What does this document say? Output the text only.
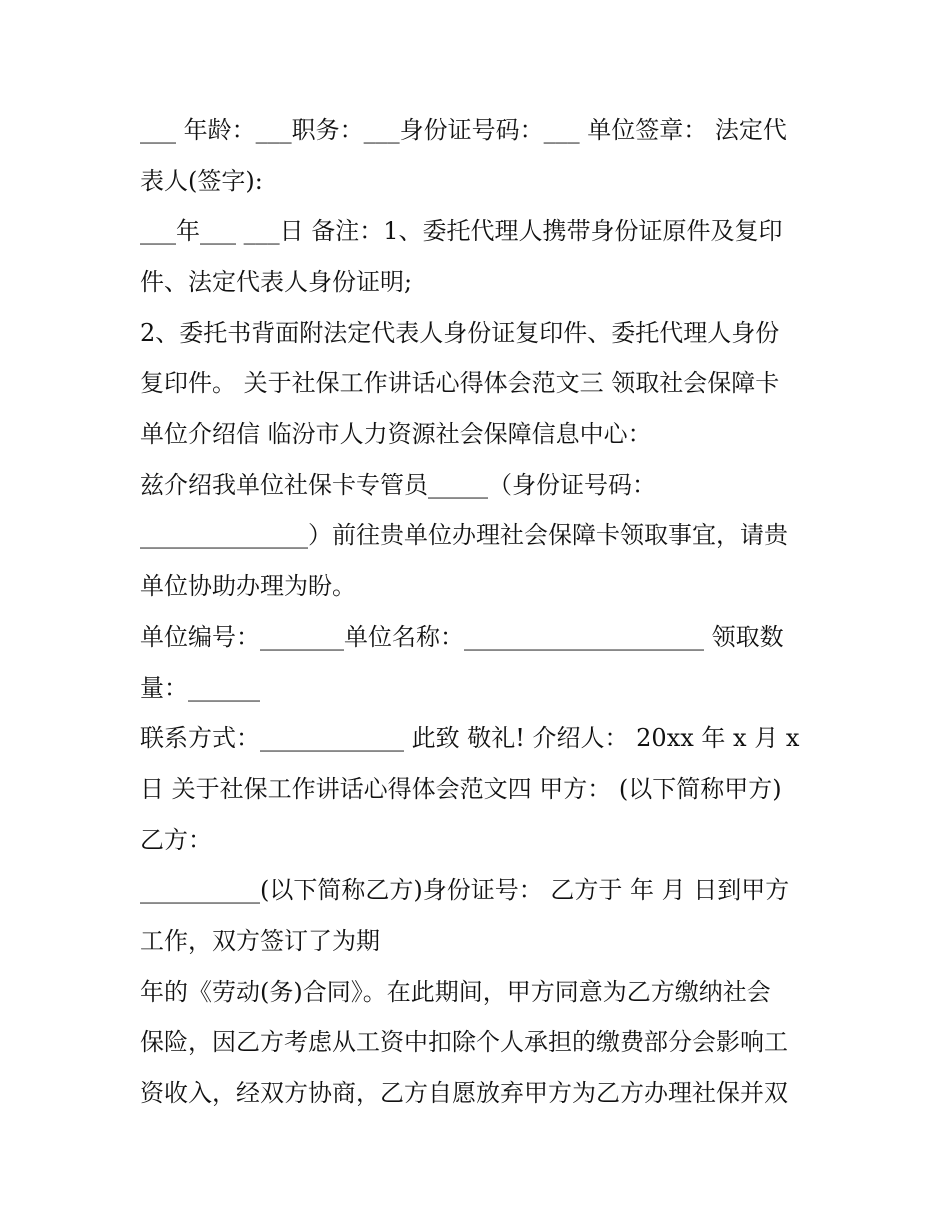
___ 年龄：___职务：___身份证号码：___ 单位签章： 法定代
表人(签字):
___年___ ___日 备注：1、委托代理人携带身份证原件及复印
件、法定代表人身份证明;
2、委托书背面附法定代表人身份证复印件、委托代理人身份
复印件。 关于社保工作讲话心得体会范文三 领取社会保障卡
单位介绍信 临汾市人力资源社会保障信息中心：
兹介绍我单位社保卡专管员_____（身份证号码：
______________）前往贵单位办理社会保障卡领取事宜，请贵
单位协助办理为盼。
单位编号：_______单位名称：____________________ 领取数
量：______
联系方式：____________ 此致 敬礼! 介绍人： 20xx 年 x 月 x
日 关于社保工作讲话心得体会范文四 甲方： (以下简称甲方)
乙方：
__________(以下简称乙方)身份证号： 乙方于 年 月 日到甲方
工作，双方签订了为期
年的《劳动(务)合同》。在此期间，甲方同意为乙方缴纳社会
保险，因乙方考虑从工资中扣除个人承担的缴费部分会影响工
资收入，经双方协商，乙方自愿放弃甲方为乙方办理社保并双
